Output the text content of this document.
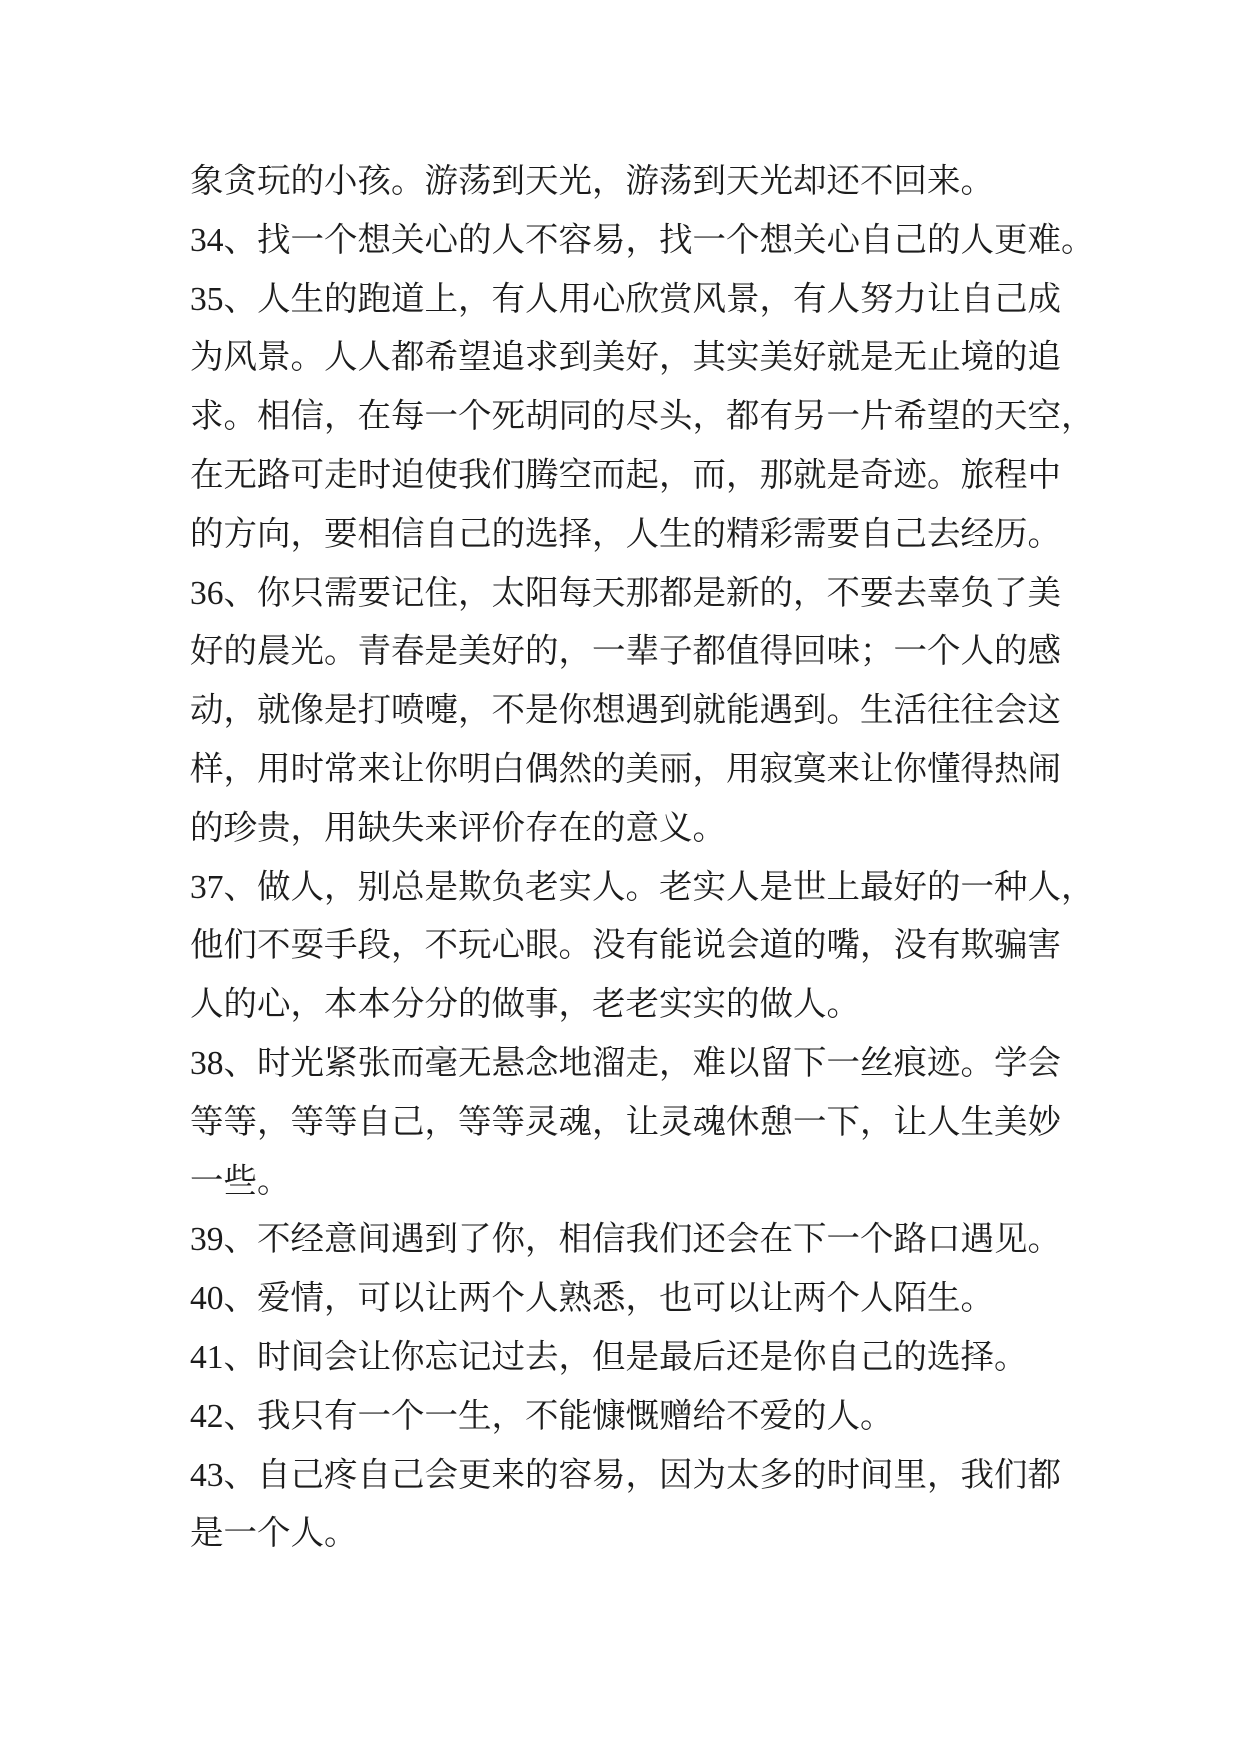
象贪玩的小孩。游荡到天光，游荡到天光却还不回来。
34、找一个想关心的人不容易，找一个想关心自己的人更难。
35、人生的跑道上，有人用心欣赏风景，有人努力让自己成
为风景。人人都希望追求到美好，其实美好就是无止境的追
求。相信，在每一个死胡同的尽头，都有另一片希望的天空，
在无路可走时迫使我们腾空而起，而，那就是奇迹。旅程中
的方向，要相信自己的选择，人生的精彩需要自己去经历。
36、你只需要记住，太阳每天那都是新的，不要去辜负了美
好的晨光。青春是美好的，一辈子都值得回味；一个人的感
动，就像是打喷嚏，不是你想遇到就能遇到。生活往往会这
样，用时常来让你明白偶然的美丽，用寂寞来让你懂得热闹
的珍贵，用缺失来评价存在的意义。
37、做人，别总是欺负老实人。老实人是世上最好的一种人，
他们不耍手段，不玩心眼。没有能说会道的嘴，没有欺骗害
人的心，本本分分的做事，老老实实的做人。
38、时光紧张而毫无悬念地溜走，难以留下一丝痕迹。学会
等等，等等自己，等等灵魂，让灵魂休憩一下，让人生美妙
一些。
39、不经意间遇到了你，相信我们还会在下一个路口遇见。
40、爱情，可以让两个人熟悉，也可以让两个人陌生。
41、时间会让你忘记过去，但是最后还是你自己的选择。
42、我只有一个一生，不能慷慨赠给不爱的人。
43、自己疼自己会更来的容易，因为太多的时间里，我们都
是一个人。
